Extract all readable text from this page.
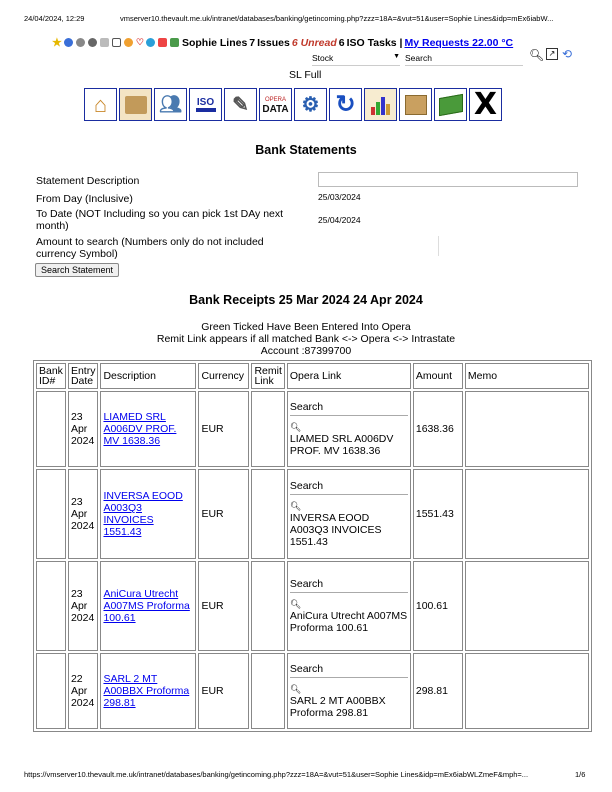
24/04/2024, 12:29	vmserver10.thevault.me.uk/intranet/databases/banking/getincoming.php?zzz=18A=&vut=51&user=Sophie Lines&idp=mEx6iabW...
★	♡	Sophie Lines 7 Issues 6 Unread 6 ISO Tasks | My Requests 22.00 °C
Stock	▼ Search	🔍︎ ↗ ⟲
SL Full
⌂	👥︎ ISO ✎	OPERA
DATA ⚙ ↻	X
Bank Statements
Statement Description
From Day (Inclusive)	25/03/2024
To Date (NOT Including so you can pick 1st DAy next month)	25/04/2024
Amount to search (Numbers only do not included currency Symbol)
Search Statement
Bank Receipts 25 Mar 2024 24 Apr 2024
Green Ticked Have Been Entered Into Opera
Remit Link appears if all matched Bank <-> Opera <-> Intrastate
Account :87399700
Bank ID#	Entry Date	Description	Currency	Remit Link	Opera Link	Amount	Memo
	23
Apr
2024	LIAMED SRL A006DV PROF. MV 1638.36	EUR		Search
🔍︎
LIAMED SRL A006DV PROF. MV 1638.36	1638.36	
	23
Apr
2024	INVERSA EOOD A003Q3 INVOICES 1551.43	EUR		Search
🔍︎
INVERSA EOOD A003Q3 INVOICES 1551.43	1551.43	
	23
Apr
2024	AniCura Utrecht A007MS Proforma 100.61	EUR		Search
🔍︎
AniCura Utrecht A007MS Proforma 100.61	100.61	
	22
Apr
2024	SARL 2 MT A00BBX Proforma 298.81	EUR		Search
🔍︎
SARL 2 MT A00BBX Proforma 298.81	298.81	
https://vmserver10.thevault.me.uk/intranet/databases/banking/getincoming.php?zzz=18A=&vut=51&user=Sophie Lines&idp=mEx6iabWLZmeF&mph=...	1/6
